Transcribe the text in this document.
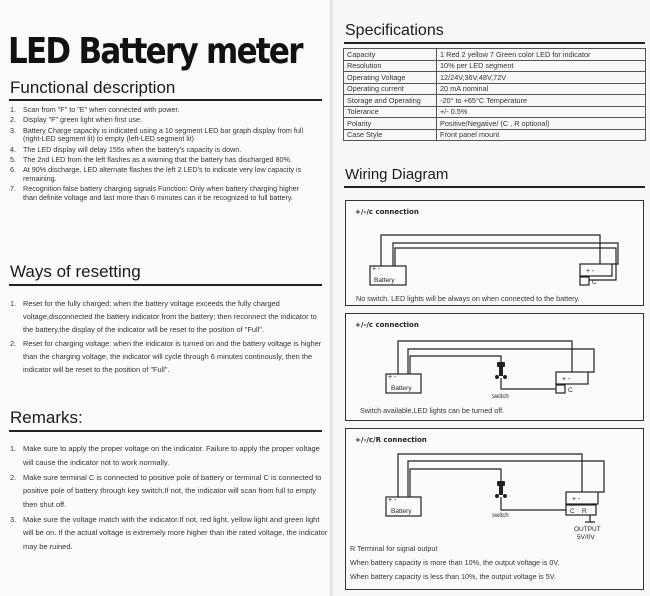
LED Battery meter
Functional description
1. Scan from "F" to "E" when connected with power.
2. Display "F" green light when first use.
3. Battery Charge capacity is indicated using a 10 segment LED bar graph display from full (right-LED segment lit) to empty (left-LED segment lit)
4. The LED display will delay 155s when the battery's capacity is down.
5. The 2nd LED from the left flashes as a warning that the battery has discharged 80%.
6. At 90% discharge, LED alternate flashes the left 2 LED's to indicate very low capacity is remaining.
7. Recognition false battery charging signals Function: Only when battery charging higher than definite voltage and last more than 6 minutes can it be recognized to full battery.
Ways of resetting
1. Reset for the fully charged: when the battery voltage exceeds the fully charged voltage,disconnected the battery indicator from the battery; then reconnect the indicator to the battery,the display of the indicator will be reset to the position of "Full".
2. Reset for charging voltage: when the indicator is turned on and the battery voltage is higher than the charging voltage, the indicator will cycle through 6 minutes continously, then the indicator will be reset to the position of "Full".
Remarks:
1. Make sure to apply the proper voltage on the indicator. Failure to apply the proper voltage will cause the indicator not to work normally.
2. Make sure terminal C is connected to positive pole of battery or terminal C is connected to positive pole of battery through key switch.If not, the indicator will scan from full to empty then shut off.
3. Make sure the voltage match with the indicator.If not, red light, yellow light and green light will be on. If the actual voltage is extremely more higher than the rated voltage, the indicator may be ruined.
Specifications
Capacity	1 Red 2 yellow 7 Green color LED for indicator
Resolution	10% per LED segment
Operating Voltage	12/24V,36V,48V,72V
Operating current	20 mA nominal
Storage and Operating	-20° to +65°C Temperature
Tolerance	+/- 0.5%
Polarity	Positive/Negative/ (C , R optional)
Case Style	Front panel mount
Wiring Diagram
+/-/c connection
+ -
Battery
+ -
C
No switch. LED lights will be always on when connected to the battery.
+/-/c connection
+ -
Battery
+ -
C
switch
Switch available,LED lights can be turned off.
+/-/c/R connection
+ -
Battery
+ -
C R
switch
OUTPUT
5V/0V
R Terminal for signal output
When battery capacity is more than 10%, the output voltage is 0V.
When battery capacity is less than 10%, the output voltage is 5V.
